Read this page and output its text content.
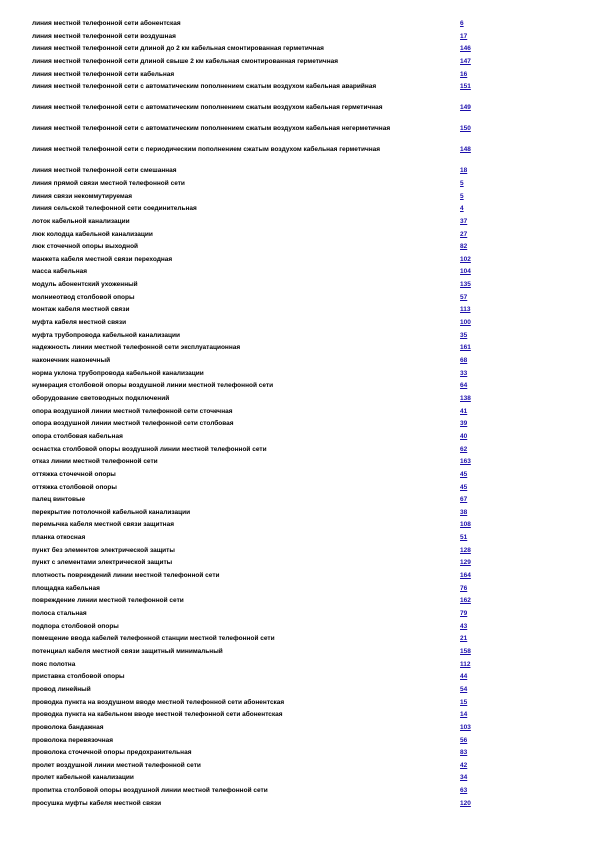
линия местной телефонной сети абонентская	6
линия местной телефонной сети воздушная	17
линия местной телефонной сети длиной до 2 км кабельная смонтированная герметичная	146
линия местной телефонной сети длиной свыше 2 км кабельная смонтированная герметичная	147
линия местной телефонной сети кабельная	16
линия местной телефонной сети с автоматическим пополнением сжатым воздухом кабельная аварийная	151
линия местной телефонной сети с автоматическим пополнением сжатым воздухом кабельная герметичная	149
линия местной телефонной сети с автоматическим пополнением сжатым воздухом кабельная негерметичная	150
линия местной телефонной сети с периодическим пополнением сжатым воздухом кабельная герметичная	148
линия местной телефонной сети смешанная	18
линия прямой связи местной телефонной сети	5
линия связи некоммутируемая	5
линия сельской телефонной сети соединительная	4
лоток кабельной канализации	37
люк колодца кабельной канализации	27
люк сточечной опоры выходной	82
манжета кабеля местной связи переходная	102
масса кабельная	104
модуль абонентский ухоженный	135
молниеотвод столбовой опоры	57
монтаж кабеля местной связи	113
муфта кабеля местной связи	100
муфта трубопровода кабельной канализации	35
надежность линии местной телефонной сети эксплуатационная	161
наконечник наконечный	68
норма уклона трубопровода кабельной канализации	33
нумерация столбовой опоры воздушной линии местной телефонной сети	64
оборудование световодных подключений	138
опора воздушной линии местной телефонной сети сточечная	41
опора воздушной линии местной телефонной сети столбовая	39
опора столбовая кабельная	40
оснастка столбовой опоры воздушной линии местной телефонной сети	62
отказ линии местной телефонной сети	163
оттяжка сточечной опоры	45
оттяжка столбовой опоры	45
палец винтовые	67
перекрытие потолочной кабельной канализации	38
перемычка кабеля местной связи защитная	108
планка откосная	51
пункт без элементов электрической защиты	128
пункт с элементами электрической защиты	129
плотность повреждений линии местной телефонной сети	164
площадка кабельная	76
повреждение линии местной телефонной сети	162
полоса стальная	79
подпора столбовой опоры	43
помещение ввода кабелей телефонной станции местной телефонной сети	21
потенциал кабеля местной связи защитный минимальный	158
пояс полотна	112
приставка столбовой опоры	44
провод линейный	54
проводка пункта на воздушном вводе местной телефонной сети абонентская	15
проводка пункта на кабельном вводе местной телефонной сети абонентская	14
проволока бандажная	103
проволока перевязочная	56
проволока сточечной опоры предохранительная	83
пролет воздушной линии местной телефонной сети	42
пролет кабельной канализации	34
пропитка столбовой опоры воздушной линии местной телефонной сети	63
просушка муфты кабеля местной связи	120
